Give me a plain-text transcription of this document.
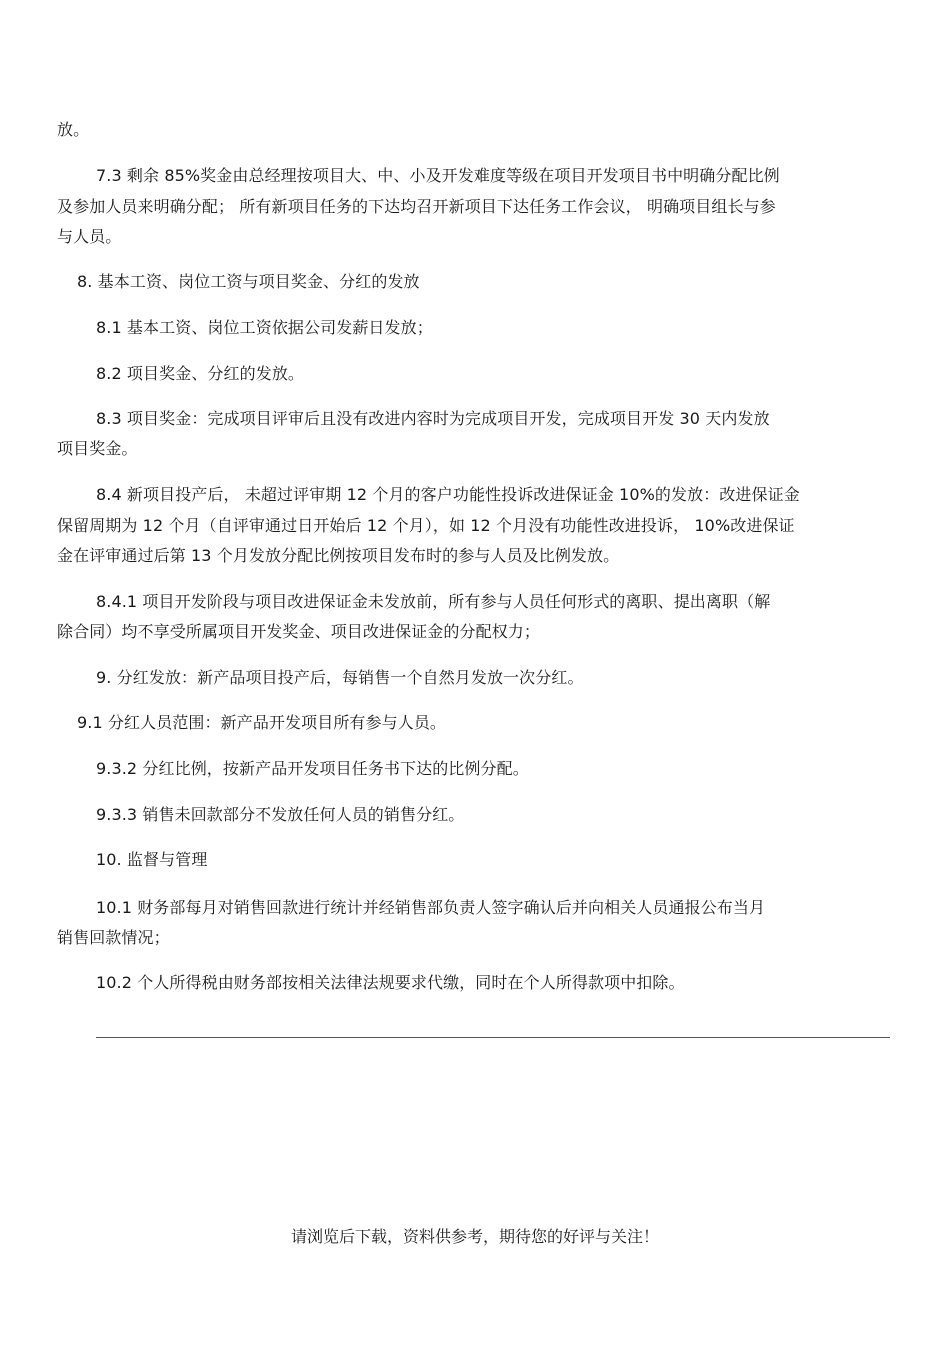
放。
7.3 剩余 85%奖金由总经理按项目大、中、小及开发难度等级在项目开发项目书中明确分配比例
及参加人员来明确分配； 所有新项目任务的下达均召开新项目下达任务工作会议， 明确项目组长与参
与人员。
8. 基本工资、岗位工资与项目奖金、分红的发放
8.1 基本工资、岗位工资依据公司发薪日发放；
8.2 项目奖金、分红的发放。
8.3 项目奖金：完成项目评审后且没有改进内容时为完成项目开发，完成项目开发 30 天内发放
项目奖金。
8.4 新项目投产后， 未超过评审期 12 个月的客户功能性投诉改进保证金 10%的发放：改进保证金
保留周期为 12 个月（自评审通过日开始后 12 个月），如 12 个月没有功能性改进投诉， 10%改进保证
金在评审通过后第 13 个月发放分配比例按项目发布时的参与人员及比例发放。
8.4.1 项目开发阶段与项目改进保证金未发放前，所有参与人员任何形式的离职、提出离职（解
除合同）均不享受所属项目开发奖金、项目改进保证金的分配权力；
9. 分红发放：新产品项目投产后，每销售一个自然月发放一次分红。
9.1 分红人员范围：新产品开发项目所有参与人员。
9.3.2 分红比例，按新产品开发项目任务书下达的比例分配。
9.3.3 销售未回款部分不发放任何人员的销售分红。
10. 监督与管理
10.1 财务部每月对销售回款进行统计并经销售部负责人签字确认后并向相关人员通报公布当月
销售回款情况；
10.2 个人所得税由财务部按相关法律法规要求代缴，同时在个人所得款项中扣除。
请浏览后下载，资料供参考，期待您的好评与关注！
